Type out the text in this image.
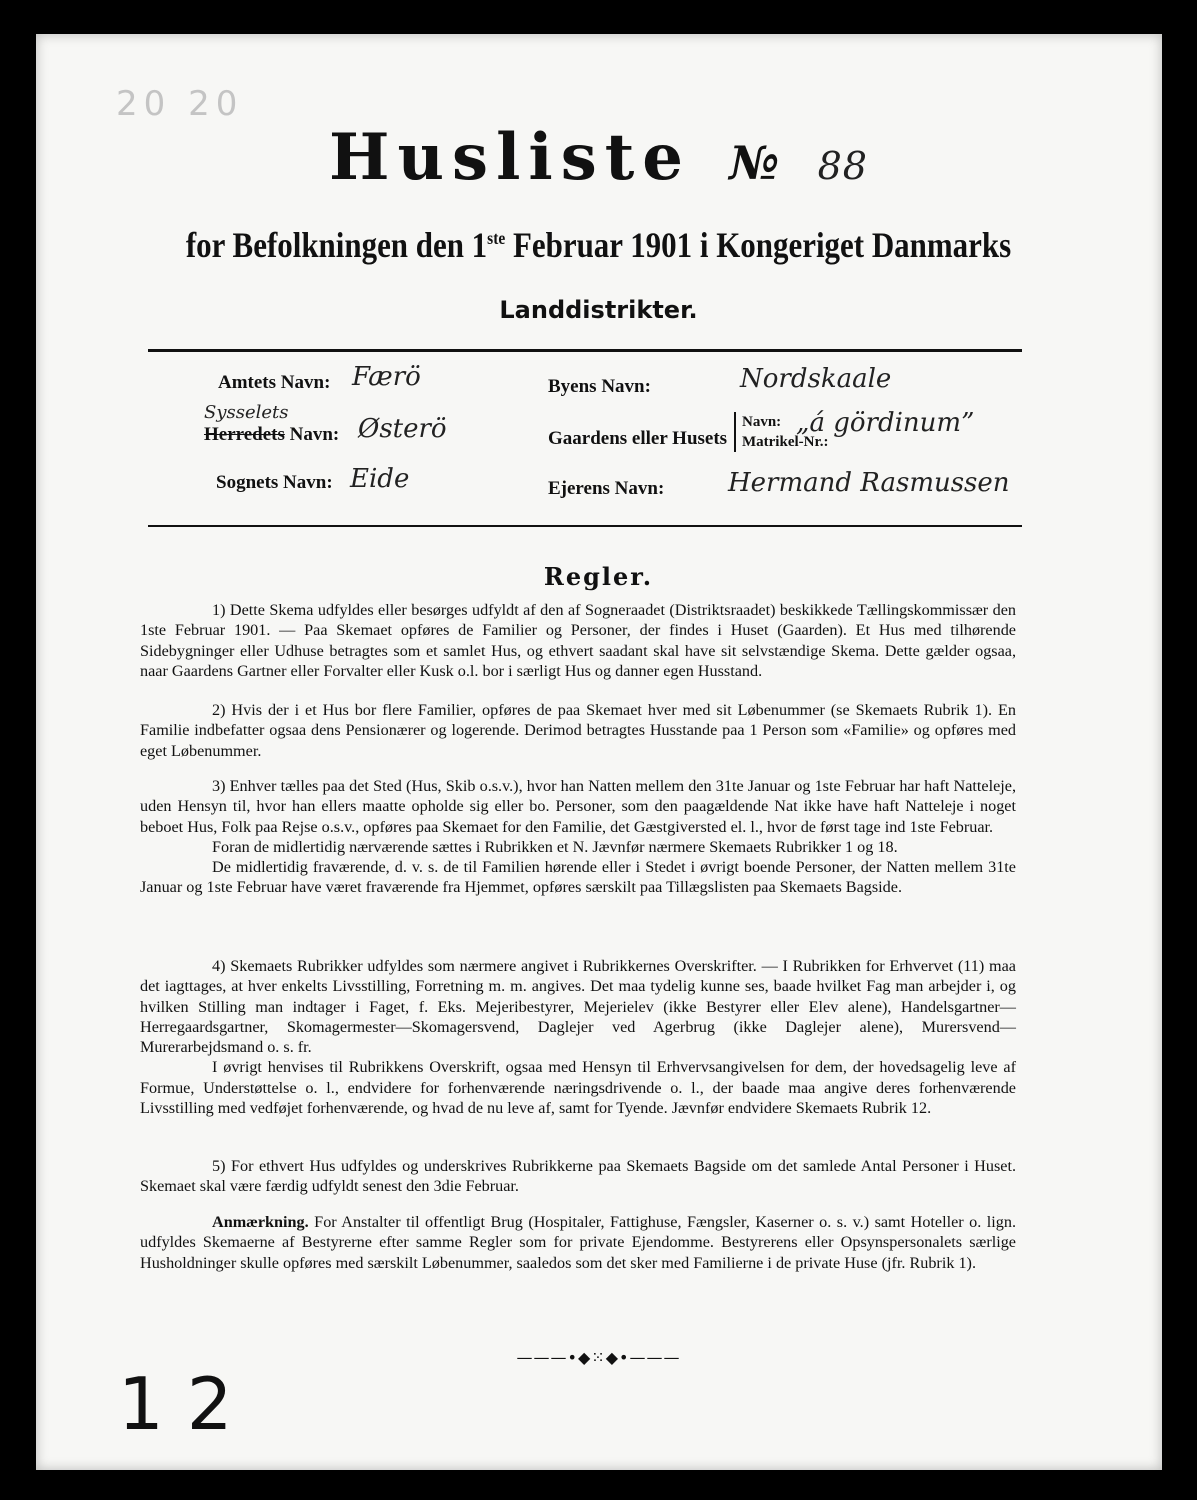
20 20
Husliste № 88
for Befolkningen den 1ste Februar 1901 i Kongeriget Danmarks
Landdistrikter.
Amtets Navn: Færö
Sysselets
Herredets Navn: Østerö
Sognets Navn: Eide
Byens Navn:	Nordskaale
Gaardens eller Husets
Navn:
Matrikel-Nr.:
„á gördinum”
Ejerens Navn: Hermand Rasmussen
Regler.

1) Dette Skema udfyldes eller besørges udfyldt af den af Sogneraadet (Distriktsraadet) beskikkede Tællingskommissær den 1ste Februar 1901. — Paa Skemaet opføres de Familier og Personer, der findes i Huset (Gaarden). Et Hus med tilhørende Sidebygninger eller Udhuse betragtes som et samlet Hus, og ethvert saadant skal have sit selvstændige Skema. Dette gælder ogsaa, naar Gaardens Gartner eller Forvalter eller Kusk o.l. bor i særligt Hus og danner egen Husstand.

2) Hvis der i et Hus bor flere Familier, opføres de paa Skemaet hver med sit Løbenummer (se Skemaets Rubrik 1). En Familie indbefatter ogsaa dens Pensionærer og logerende. Derimod betragtes Husstande paa 1 Person som «Familie» og opføres med eget Løbenummer.

3) Enhver tælles paa det Sted (Hus, Skib o.s.v.), hvor han Natten mellem den 31te Januar og 1ste Februar har haft Natteleje, uden Hensyn til, hvor han ellers maatte opholde sig eller bo. Personer, som den paagældende Nat ikke have haft Natteleje i noget beboet Hus, Folk paa Rejse o.s.v., opføres paa Skemaet for den Familie, det Gæstgiversted el. l., hvor de først tage ind 1ste Februar.

Foran de midlertidig nærværende sættes i Rubrikken et N. Jævnfør nærmere Skemaets Rubrikker 1 og 18.

De midlertidig fraværende, d. v. s. de til Familien hørende eller i Stedet i øvrigt boende Personer, der Natten mellem 31te Januar og 1ste Februar have været fraværende fra Hjemmet, opføres særskilt paa Tillægslisten paa Skemaets Bagside.

4) Skemaets Rubrikker udfyldes som nærmere angivet i Rubrikkernes Overskrifter. — I Rubrikken for Erhvervet (11) maa det iagttages, at hver enkelts Livsstilling, Forretning m. m. angives. Det maa tydelig kunne ses, baade hvilket Fag man arbejder i, og hvilken Stilling man indtager i Faget, f. Eks. Mejeribestyrer, Mejerielev (ikke Bestyrer eller Elev alene), Handelsgartner—Herregaardsgartner, Skomagermester—Skomagersvend, Daglejer ved Agerbrug (ikke Daglejer alene), Murersvend—Murerarbejdsmand o. s. fr.

I øvrigt henvises til Rubrikkens Overskrift, ogsaa med Hensyn til Erhvervsangivelsen for dem, der hovedsagelig leve af Formue, Understøttelse o. l., endvidere for forhenværende næringsdrivende o. l., der baade maa angive deres forhenværende Livsstilling med vedføjet forhenværende, og hvad de nu leve af, samt for Tyende. Jævnfør endvidere Skemaets Rubrik 12.

5) For ethvert Hus udfyldes og underskrives Rubrikkerne paa Skemaets Bagside om det samlede Antal Personer i Huset. Skemaet skal være færdig udfyldt senest den 3die Februar.

Anmærkning. For Anstalter til offentligt Brug (Hospitaler, Fattighuse, Fængsler, Kaserner o. s. v.) samt Hoteller o. lign. udfyldes Skemaerne af Bestyrerne efter samme Regler som for private Ejendomme. Bestyrerens eller Opsynspersonalets særlige Husholdninger skulle opføres med særskilt Løbenummer, saaledos som det sker med Familierne i de private Huse (jfr. Rubrik 1).

———•◆⁙◆•———
1 2
